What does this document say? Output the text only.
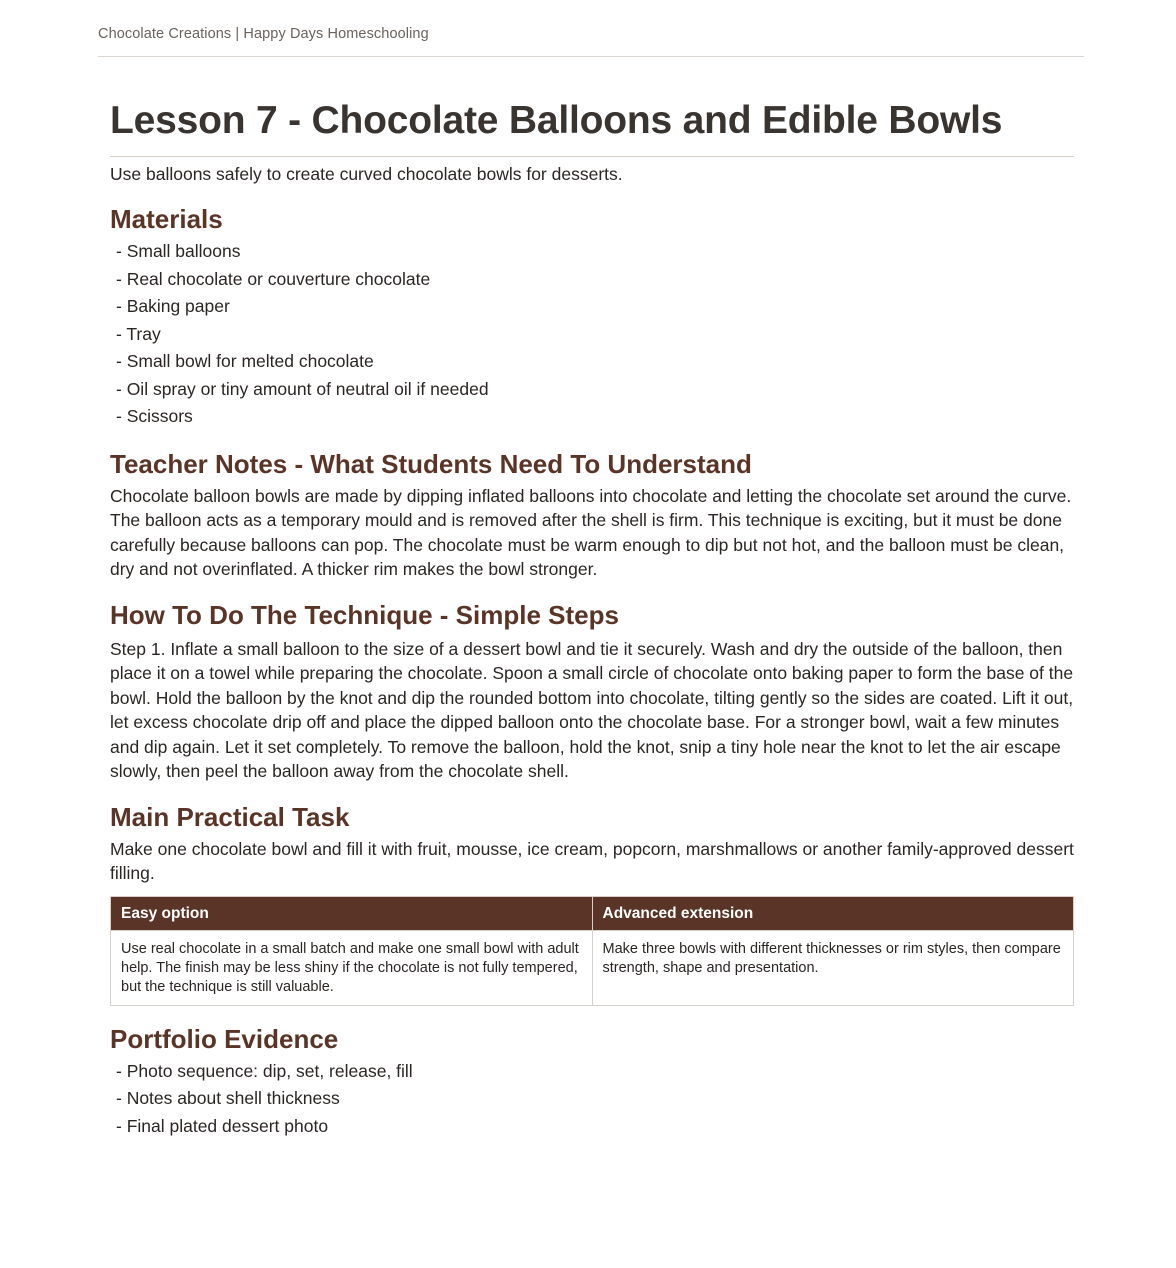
Chocolate Creations | Happy Days Homeschooling
Lesson 7 - Chocolate Balloons and Edible Bowls

Use balloons safely to create curved chocolate bowls for desserts.

Materials
- Small balloons
- Real chocolate or couverture chocolate
- Baking paper
- Tray
- Small bowl for melted chocolate
- Oil spray or tiny amount of neutral oil if needed
- Scissors
Teacher Notes - What Students Need To Understand

Chocolate balloon bowls are made by dipping inflated balloons into chocolate and letting the chocolate set around the curve. The balloon acts as a temporary mould and is removed after the shell is firm. This technique is exciting, but it must be done carefully because balloons can pop. The chocolate must be warm enough to dip but not hot, and the balloon must be clean, dry and not overinflated. A thicker rim makes the bowl stronger.

How To Do The Technique - Simple Steps

Step 1. Inflate a small balloon to the size of a dessert bowl and tie it securely. Wash and dry the outside of the balloon, then place it on a towel while preparing the chocolate. Spoon a small circle of chocolate onto baking paper to form the base of the bowl. Hold the balloon by the knot and dip the rounded bottom into chocolate, tilting gently so the sides are coated. Lift it out, let excess chocolate drip off and place the dipped balloon onto the chocolate base. For a stronger bowl, wait a few minutes and dip again. Let it set completely. To remove the balloon, hold the knot, snip a tiny hole near the knot to let the air escape slowly, then peel the balloon away from the chocolate shell.

Main Practical Task

Make one chocolate bowl and fill it with fruit, mousse, ice cream, popcorn, marshmallows or another family-approved dessert filling.

Easy option	Advanced extension
Use real chocolate in a small batch and make one small bowl with adult help. The finish may be less shiny if the chocolate is not fully tempered, but the technique is still valuable.	Make three bowls with different thicknesses or rim styles, then compare strength, shape and presentation.
Portfolio Evidence
- Photo sequence: dip, set, release, fill
- Notes about shell thickness
- Final plated dessert photo
